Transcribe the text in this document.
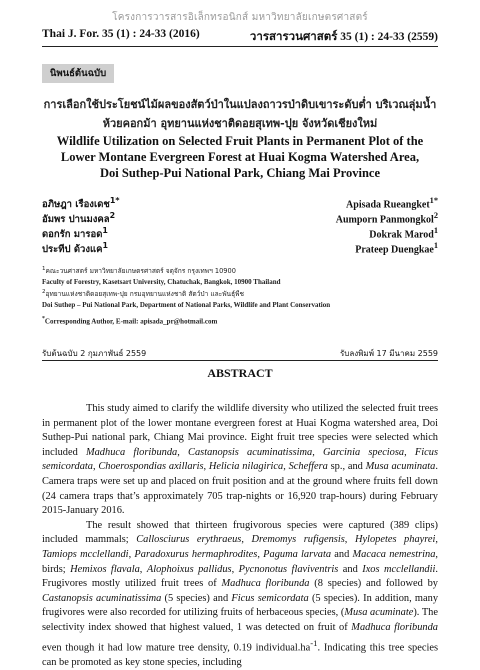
โครงการวารสารอิเล็กทรอนิกส์ มหาวิทยาลัยเกษตรศาสตร์
Thai J. For. 35 (1) : 24-33 (2016)	วารสารวนศาสตร์ 35 (1) : 24-33 (2559)
นิพนธ์ต้นฉบับ
การเลือกใช้ประโยชน์ไม้ผลของสัตว์ป่าในแปลงถาวรป่าดิบเขาระดับต่ำ บริเวณลุ่มน้ำ
ห้วยคอกม้า อุทยานแห่งชาติดอยสุเทพ-ปุย จังหวัดเชียงใหม่
Wildlife Utilization on Selected Fruit Plants in Permanent Plot of the
Lower Montane Evergreen Forest at Huai Kogma Watershed Area,
Doi Suthep-Pui National Park, Chiang Mai Province
อภิษฎา เรืองเดช$^{1*}$	Apisada Rueangket$^{1*}$
อัมพร ปานมงคล$^2$	Aumporn Panmongkol$^2$
ดอกรัก มารอด$^1$	Dokrak Marod$^1$
ประทีป ด้วงแค$^1$	Prateep Duengkae$^1$
$^1$คณะวนศาสตร์ มหาวิทยาลัยเกษตรศาสตร์ จตุจักร กรุงเทพฯ 10900
Faculty of Forestry, Kasetsart University, Chatuchak, Bangkok, 10900 Thailand
$^2$อุทยานแห่งชาติดอยสุเทพ-ปุย กรมอุทยานแห่งชาติ สัตว์ป่า และพันธุ์พืช
Doi Suthep – Pui National Park, Department of National Parks, Wildlife and Plant Conservation
*Corresponding Author, E-mail: apisada_pr@hotmail.com
รับต้นฉบับ 2 กุมภาพันธ์ 2559	รับลงพิมพ์ 17 มีนาคม 2559
ABSTRACT

This study aimed to clarify the wildlife diversity who utilized the selected fruit trees in permanent plot of the lower montane evergreen forest at Huai Kogma watershed area, Doi Suthep-Pui national park, Chiang Mai province. Eight fruit tree species were selected which included Madhuca floribunda, Castanopsis acuminatissima, Garcinia speciosa, Ficus semicordata, Choerospondias axillaris, Helicia nilagirica, Scheffera sp., and Musa acuminata. Camera traps were set up and placed on fruit position and at the ground where fruits fell down (24 camera traps that’s approximately 705 trap-nights or 16,920 trap-hours) during February 2015-January 2016.

The result showed that thirteen frugivorous species were captured (389 clips) included mammals; Callosciurus erythraeus, Dremomys rufigensis, Hylopetes phayrei, Tamiops mcclellandi, Paradoxurus hermaphrodites, Paguma larvata and Macaca nemestrina, birds; Hemixos flavala, Alophoixus pallidus, Pycnonotus flaviventris and Ixos mcclellandii. Frugivores mostly utilized fruit trees of Madhuca floribunda (8 species) and followed by Castanopsis acuminatissima (5 species) and Ficus semicordata (5 species). In addition, many frugivores were also recorded for utilizing fruits of herbaceous species, (Musa acuminate). The selectivity index showed that highest valued, 1 was detected on fruit of Madhuca floribunda even though it had low mature tree density, 0.19 $individual.ha^{-1}$. Indicating this tree species can be promoted as key stone species, including
